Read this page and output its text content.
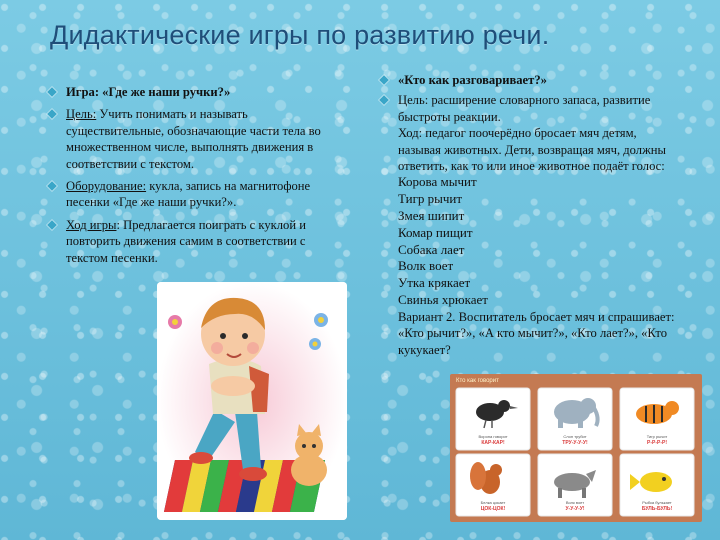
Дидактические игры по развитию речи.
Игра: «Где же наши ручки?»
Цель: Учить понимать и называть существительные, обозначающие части тела во множественном числе, выполнять движения в соответствии с текстом.
Оборудование: кукла, запись на магнитофоне песенки «Где же наши ручки?».
Ход игры: Предлагается поиграть с куклой и повторить движения самим в соответствии с текстом песенки.
«Кто как разговаривает?»
Цель: расширение словарного запаса, развитие быстроты реакции.
Ход: педагог поочерёдно бросает мяч детям, называя животных. Дети, возвращая мяч, должны ответить, как то или иное животное подаёт голос:
Корова мычит
Тигр рычит
Змея шипит
Комар пищит
Собака лает
Волк воет
Утка крякает
Свинья хрюкает
Вариант 2. Воспитатель бросает мяч и спрашивает: «Кто рычит?», «А кто мычит?», «Кто лает?», «Кто кукукает?
Кто как говорит
Ворона говорит
КАР-КАР!
Слон трубит
ТРУ-У-У-У!
Тигр рычит
Р-Р-Р-Р!
Белка цокает
ЦОК-ЦОК!
Волк воет
У-У-У-У!
Рыбка булькает
БУЛЬ-БУЛЬ!
